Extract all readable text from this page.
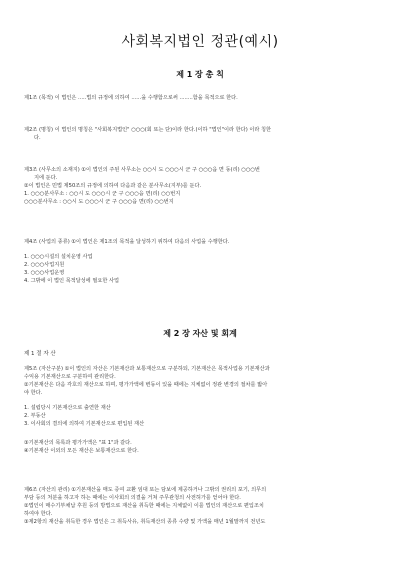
사회복지법인 정관(예시)
제 1 장 총 칙

제1조 (목적) 이 법인은 .....법의 규정에 의하여 ......을 수행함으로써 ........함을 목적으로 한다.

제2조 (명칭) 이 법인의 명칭은 "사회복지법인" ○○○(회 또는 단)이라 한다.(이하 "법인"이라 한다) 이라 칭한

다.

제3조 (사무소의 소재지) ①이 법인의 주된 사무소는 ○○시 도 ○○○시 군 구 ○○○읍 면 동(리) ○○○번

지에 둔다.

②이 법인은 민법 제50조의 규정에 의하여 다음과 같은 분사무소(지부)를 둔다.

1. ○○○분사무소 : ○○시 도 ○○○시 군 구 ○○○읍 면(리) ○○번지

○○○분사무소 : ○○시 도 ○○○시 군 구 ○○○읍 면(리) ○○번지

제4조 (사업의 종류) ①이 법인은 제1조의 목적을 달성하기 위하여 다음의 사업을 수행한다.

1. ○○○시설의 설치운영 사업

2. ○○○사업지원

3. ○○○사업운영

4. 그밖에 이 법인 목적달성에 필요한 사업

제 2 장 자산 및 회계
제 1 절 자 산

제5조 (자산구분) ①이 법인의 자산은 기본재산과 보통재산으로 구분하되, 기본재산은 목적사업용 기본재산과

수익용 기본재산으로 구분하여 관리한다.

②기본재산은 다음 각호의 재산으로 하며, 평가가액에 변동이 있을 때에는 지체없이 정관 변경의 절차를 밟아

야 한다.

1. 설립당시 기본재산으로 출연한 재산

2. 부동산

3. 이사회의 결의에 의하여 기본재산으로 편입된 재산

③기본재산의 목록과 평가가액은 "표 1"과 같다.

④기본재산 이외의 모든 재산은 보통재산으로 한다.

제6조 (자산의 관리) ①기본재산을 매도 증여 교환 임대 또는 담보에 제공하거나 그밖의 권리의 포기, 의무의

부담 등의 처분을 하고자 하는 때에는 이사회의 의결을 거쳐 주무관청의 사전허가를 얻어야 한다.

②법인이 매수기부채납 후원 등의 방법으로 재산을 취득한 때에는 지체없이 이를 법인의 재산으로 편입조치

하여야 한다.

③제2항의 재산을 취득한 경우 법인은 그 취득사유, 취득재산의 종류 수량 및 가액을 매년 1월말까지 전년도
